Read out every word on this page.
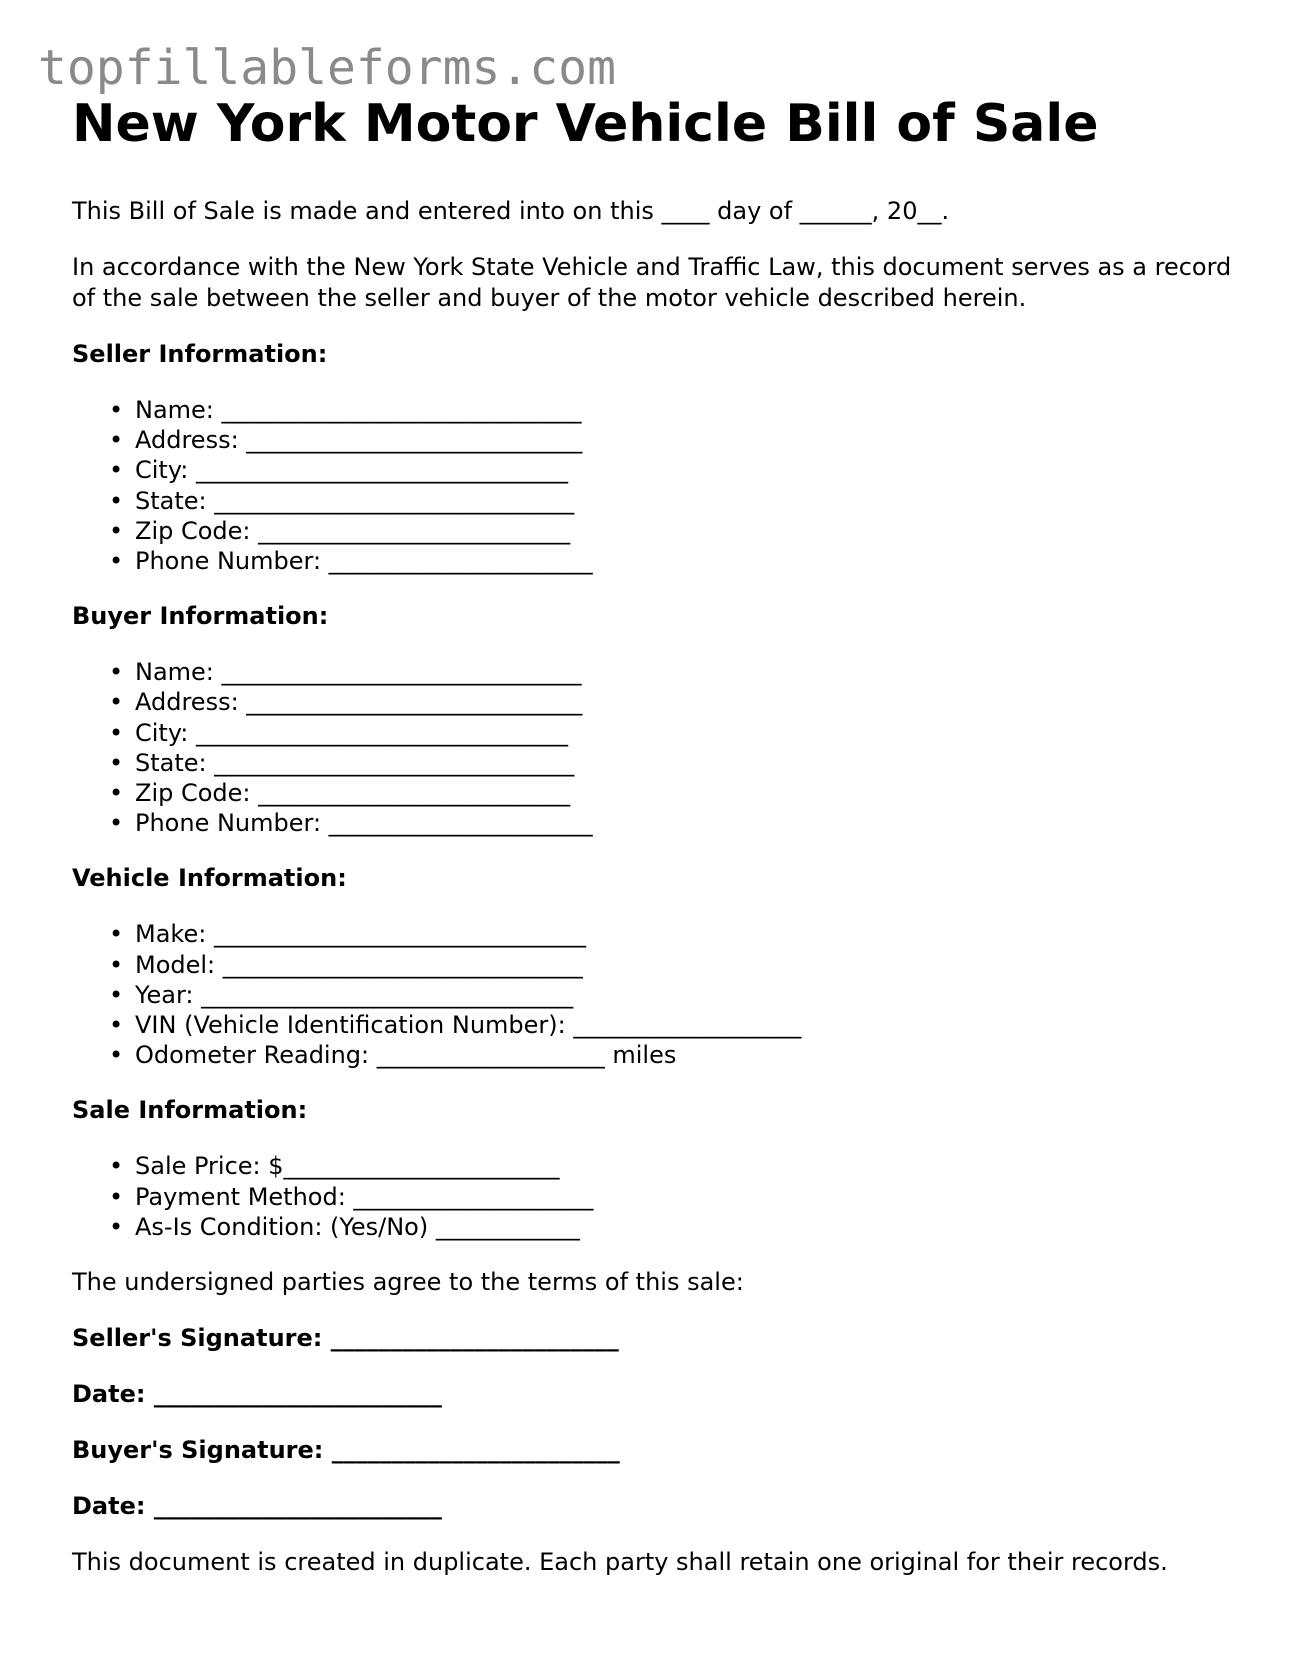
topfillableforms.com
New York Motor Vehicle Bill of Sale

This Bill of Sale is made and entered into on this ____ day of ______, 20__.

In accordance with the New York State Vehicle and Traffic Law, this document serves as a record of the sale between the seller and buyer of the motor vehicle described herein.

Seller Information:
• Name: ______________________________
• Address: ____________________________
• City: _______________________________
• State: ______________________________
• Zip Code: __________________________
• Phone Number: ______________________
Buyer Information:
• Name: ______________________________
• Address: ____________________________
• City: _______________________________
• State: ______________________________
• Zip Code: __________________________
• Phone Number: ______________________
Vehicle Information:
• Make: _______________________________
• Model: ______________________________
• Year: _______________________________
• VIN (Vehicle Identification Number): ___________________
• Odometer Reading: ___________________ miles
Sale Information:
• Sale Price: $_______________________
• Payment Method: ____________________
• As-Is Condition: (Yes/No) ____________

The undersigned parties agree to the terms of this sale:

Seller's Signature: ________________________
Date: ________________________
Buyer's Signature: ________________________
Date: ________________________

This document is created in duplicate. Each party shall retain one original for their records.
